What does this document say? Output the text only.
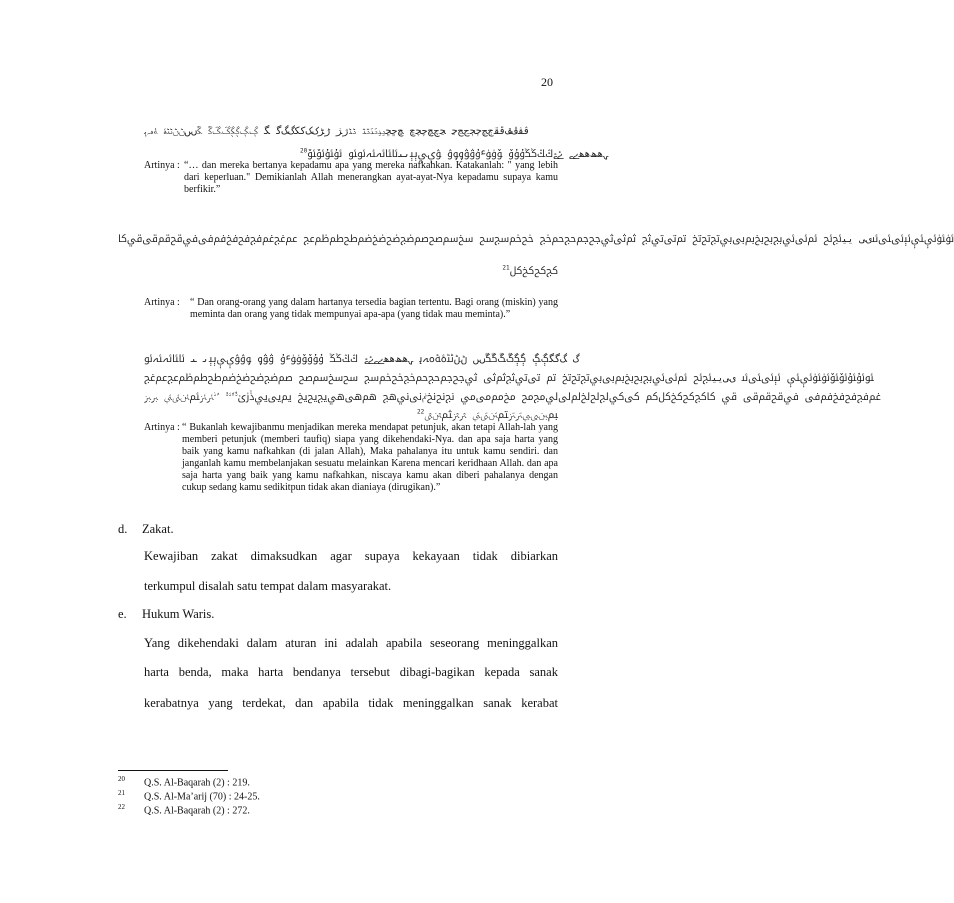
20
ﭬﭭﭮﭯﭰﭱﭲﭳﭴﭵﭶﭷﭸ ﭹﭺﭻﭼﭽﭾ ﭿﮀﮁﮂﮃﮄﮅﮆﮇ ﮈﮉﮊﮋ ﮌﮍﮎﮏﮐﮑﮒﮓﮔ ﮕ ﮖﮗﮘﮙﮚﮛﮜ ﮝﮞﮟﮠﮡﮢﮣﮤ ﮥﮦﮧﮨ
$^{20}$ﮩﮪﮫﮬﮭﮮﮯ ﮰﮱﯓﯔﯕﯖﯗﯘﯙ ﯚﯛﯜﯝﯞﯟﯠﯡﯢ ﯣﯤﯥﯦﯧﯨﯩﯪﯫﯬﯭﯮﯯ ﯰﯱﯲﯳ
Artinya : “… dan mereka bertanya kepadamu apa yang mereka nafkahkan. Katakanlah: " yang lebih dari keperluan." Demikianlah Allah menerangkan ayat-ayat-Nya kepadamu supaya kamu berfikir.”
ﯴﯵﯶﯷﯸﯹﯺﯻﯼﯽ ﯾﯿﰀﰁ ﰂﰃﰄﰅﰆﰇﰈﰉﰊﰋﰌﰍ ﰎﰏﰐﰑ ﰒﰓﰔﰕﰖﰗﰘﰙ ﰚﰛﰜﰝ ﰞﰟﰠﰡﰢﰣﰤﰥﰦﰧﰨﰩ ﰪﰫﰬﰭﰮﰯﰰﰱﰲﰳﰴﰵﰶﰷ
$^{21}$ﰸﰹﰺﰻ
Artinya : “ Dan orang-orang yang dalam hartanya tersedia bagian tertentu. Bagi orang (miskin) yang meminta dan orang yang tidak mempunyai apa-apa (yang tidak mau meminta).”
ﮒ ﮓﮔﮕﮖﮗ ﮘﮙﮚﮛﮜﮝﮞﮟ ﮠﮡﮢﮣﮤﮥﮦﮧﮨ ﮩﮪﮫﮬﮭﮮﮯﮰﮱ ﯓﯔﯕﯖ ﯗﯘﯙﯚﯛﯜﯝ ﯞﯟﯠ ﯡﯢﯣﯤﯥﯦﯧﯨ ﯩ ﯪﯫﯬﯭﯮ
ﯯﯰﯱﯲﯳﯴﯵﯶﯷ ﯸﯹﯺﯻ ﯼﯽﯾﯿﰀﰁ ﰂﰃﰄﰅﰆﰇﰈﰉﰊﰋﰌﰍ ﰎ ﰏﰐﰑﰒﰓ ﰔﰕﰖﰗﰘﰙﰚﰛﰜ ﰝﰞﰟﰠ ﰡﰢﰣﰤﰥﰦﰧﰨﰩﰪﰫ
ﰬﰭﰮﰯﰰﰱ ﰲﰳﰴﰵ ﰶ ﰷﰸﰹﰺﰻﰼ ﰽﰾﰿﱀﱁﱂﱃﱄﱅﱆ ﱇﱈﱉﱊ ﱋﱌﱍﱎﱏﱐﱑ ﱒﱓﱔﱕﱖﱗ ﱘﱙﱚﱛﱜﱝﱞﱟﱠﱡ ﱢﱣﱤﱥﱦﱧﱨﱩ ﱪﱫ
$^{22}$ﱬﱭﱮﱯﱰﱱﱲﱳﱴﱵ ﱶﱷﱸﱹﱺ
Artinya : “ Bukanlah kewajibanmu menjadikan mereka mendapat petunjuk, akan tetapi Allah-lah yang memberi petunjuk (memberi taufiq) siapa yang dikehendaki-Nya. dan apa saja harta yang baik yang kamu nafkahkan (di jalan Allah), Maka pahalanya itu untuk kamu sendiri. dan janganlah kamu membelanjakan sesuatu melainkan Karena mencari keridhaan Allah. dan apa saja harta yang baik yang kamu nafkahkan, niscaya kamu akan diberi pahalanya dengan cukup sedang kamu sedikitpun tidak akan dianiaya (dirugikan).”
d. Zakat.
Kewajiban zakat dimaksudkan agar supaya kekayaan tidak dibiarkan
terkumpul disalah satu tempat dalam masyarakat.
e. Hukum Waris.
Yang dikehendaki dalam aturan ini adalah apabila seseorang meninggalkan
harta benda, maka harta bendanya tersebut dibagi-bagikan kepada sanak
kerabatnya yang terdekat, dan apabila tidak meninggalkan sanak kerabat
20 Q.S. Al-Baqarah (2) : 219.
21 Q.S. Al-Ma’arij (70) : 24-25.
22 Q.S. Al-Baqarah (2) : 272.
